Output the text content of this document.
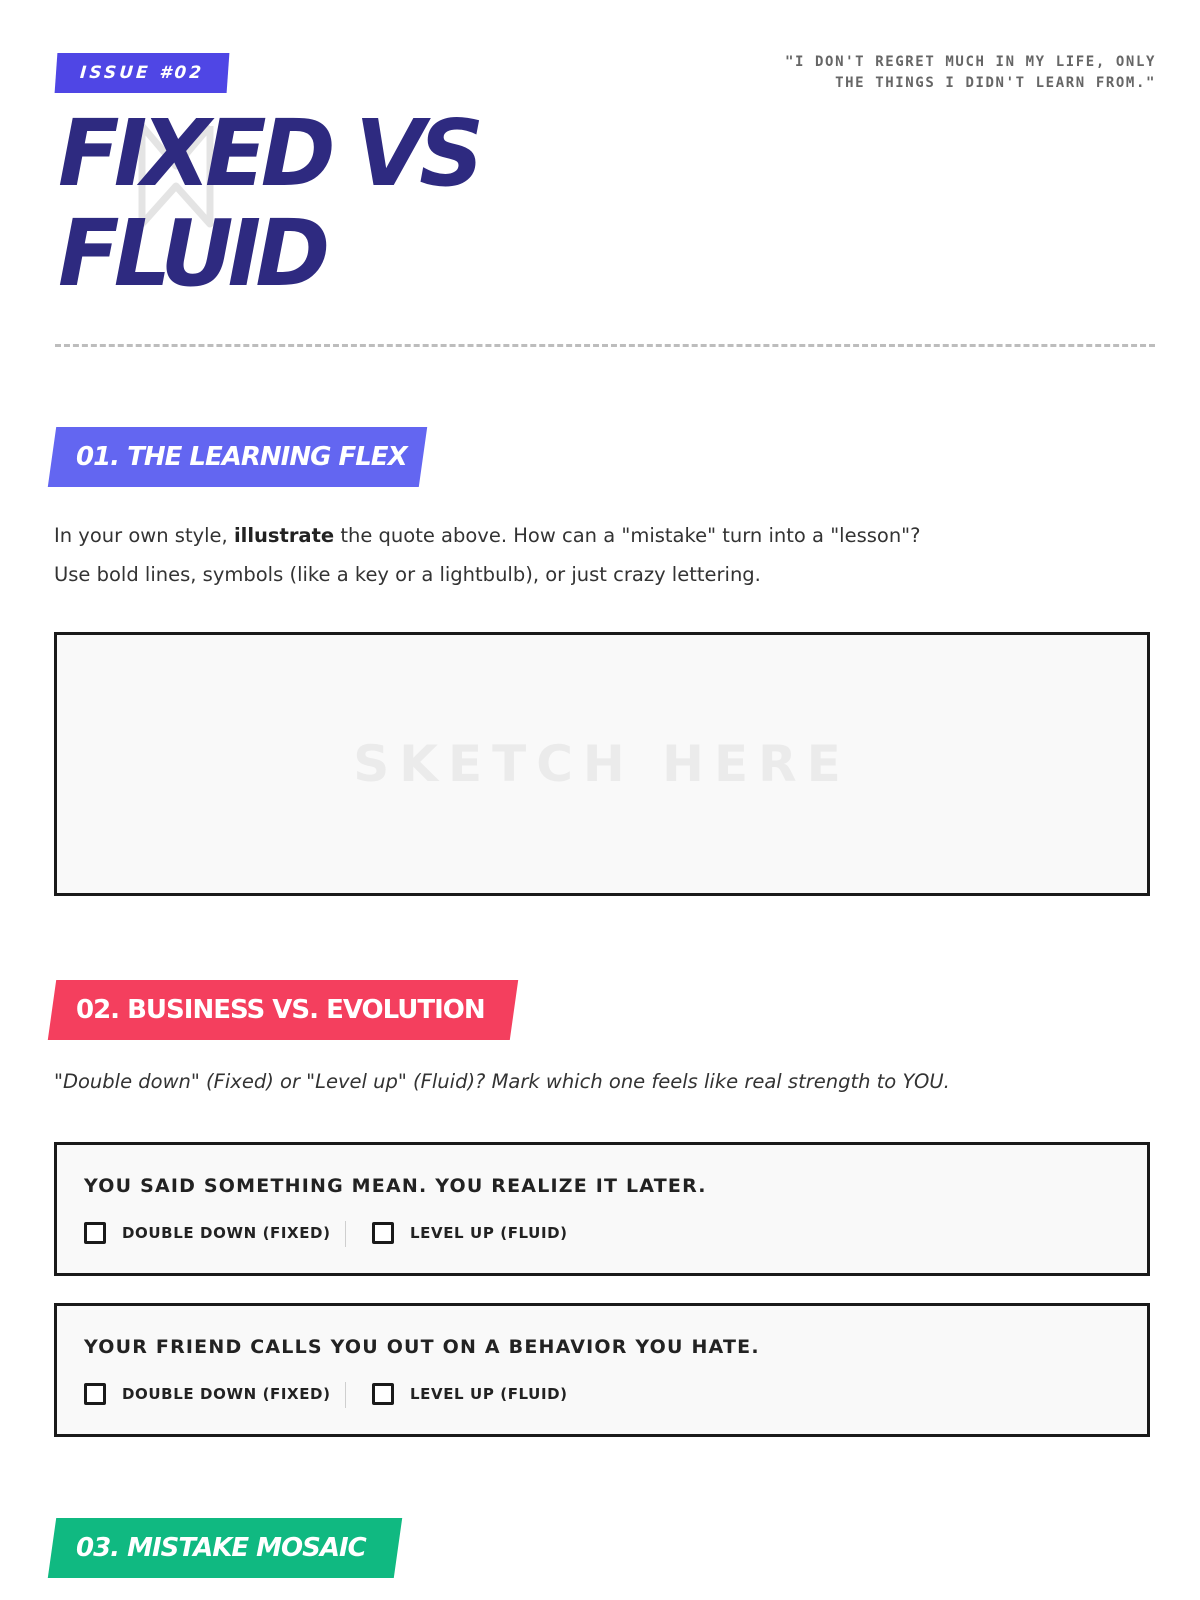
ISSUE #02
FIXED VS
FLUID

"I DON'T REGRET MUCH IN MY LIFE, ONLY THE THINGS I DIDN'T LEARN FROM."

01. THE LEARNING FLEX

In your own style, illustrate the quote above. How can a "mistake" turn into a "lesson"?

Use bold lines, symbols (like a key or a lightbulb), or just crazy lettering.

SKETCH HERE
02. BUSINESS VS. EVOLUTION

"Double down" (Fixed) or "Level up" (Fluid)? Mark which one feels like real strength to YOU.

YOU SAID SOMETHING MEAN. YOU REALIZE IT LATER.

DOUBLE DOWN (FIXED)	LEVEL UP (FLUID)

YOUR FRIEND CALLS YOU OUT ON A BEHAVIOR YOU HATE.

DOUBLE DOWN (FIXED)	LEVEL UP (FLUID)
03. MISTAKE MOSAIC
